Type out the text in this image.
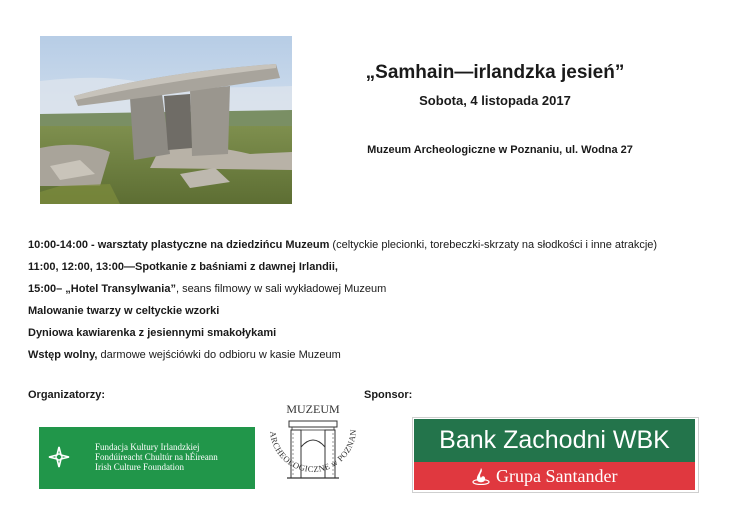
„Samhain—irlandzka jesień”
Sobota, 4 listopada 2017
Muzeum Archeologiczne w Poznaniu, ul. Wodna 27
10:00-14:00 - warsztaty plastyczne na dziedzińcu Muzeum (celtyckie plecionki, torebeczki-skrzaty na słodkości i inne atrakcje)
11:00, 12:00, 13:00—Spotkanie z baśniami z dawnej Irlandii,
15:00– „Hotel Transylwania”, seans filmowy w sali wykładowej Muzeum
Malowanie twarzy w celtyckie wzorki
Dyniowa kawiarenka z jesiennymi smakołykami
Wstęp wolny, darmowe wejściówki do odbioru w kasie Muzeum
Organizatorzy:	Sponsor:
Fundacja Kultury Irlandzkiej
Fondúireacht Chultúr na hÉireann
Irish Culture Foundation
MUZEUM
ARCHEOLOGICZNE w POZNAN	Bank Zachodni WBK
Grupa Santander
